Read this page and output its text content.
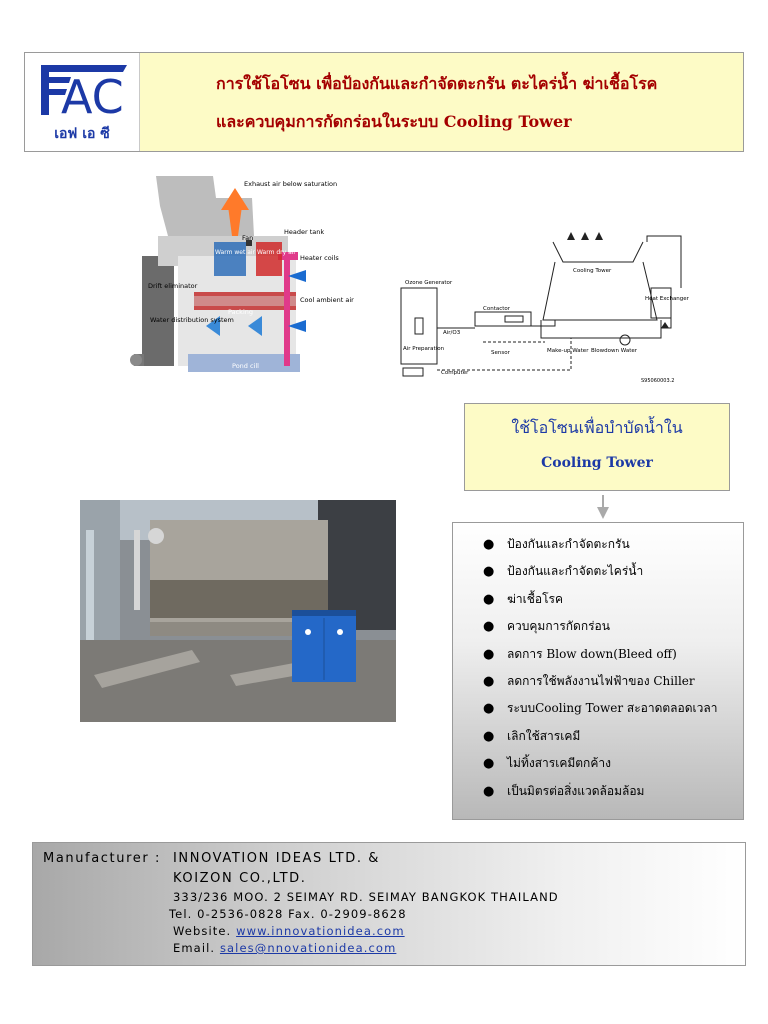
AC
เอฟ เอ ซี
การใช้โอโซน เพื่อป้องกันและกำจัดตะกรัน ตะไคร่น้ำ ฆ่าเชื้อโรค
และควบคุมการกัดกร่อนในระบบ Cooling Tower
Exhaust air below saturation
Fan
Header tank
Heater coils
Warm wet air Warm dry air
Drift eliminator
Packing
Cool ambient air
Water distribution system
Pond cill
Ozone Generator
Contactor
Air/O3
Sensor
Air Preparation
Computer
Cooling Tower
Heat Exchanger
Make-up Water Blowdown Water
S95060003.2
ใช้โอโซนเพื่อบำบัดน้ำใน
Cooling Tower
● ป้องกันและกำจัดตะกรัน
● ป้องกันและกำจัดตะไคร่น้ำ
● ฆ่าเชื้อโรค
● ควบคุมการกัดกร่อน
● ลดการ Blow down(Bleed off)
● ลดการใช้พลังงานไฟฟ้าของ Chiller
● ระบบCooling Tower สะอาดตลอดเวลา
● เลิกใช้สารเคมี
● ไม่ทิ้งสารเคมีตกค้าง
● เป็นมิตรต่อสิ่งแวดล้อมล้อม
Manufacturer : INNOVATION IDEAS LTD. &
KOIZON CO.,LTD.
333/236 MOO. 2 SEIMAY RD. SEIMAY BANGKOK THAILAND
Tel. 0-2536-0828 Fax. 0-2909-8628
Website. www.innovationidea.com
Email. sales@nnovationidea.com
